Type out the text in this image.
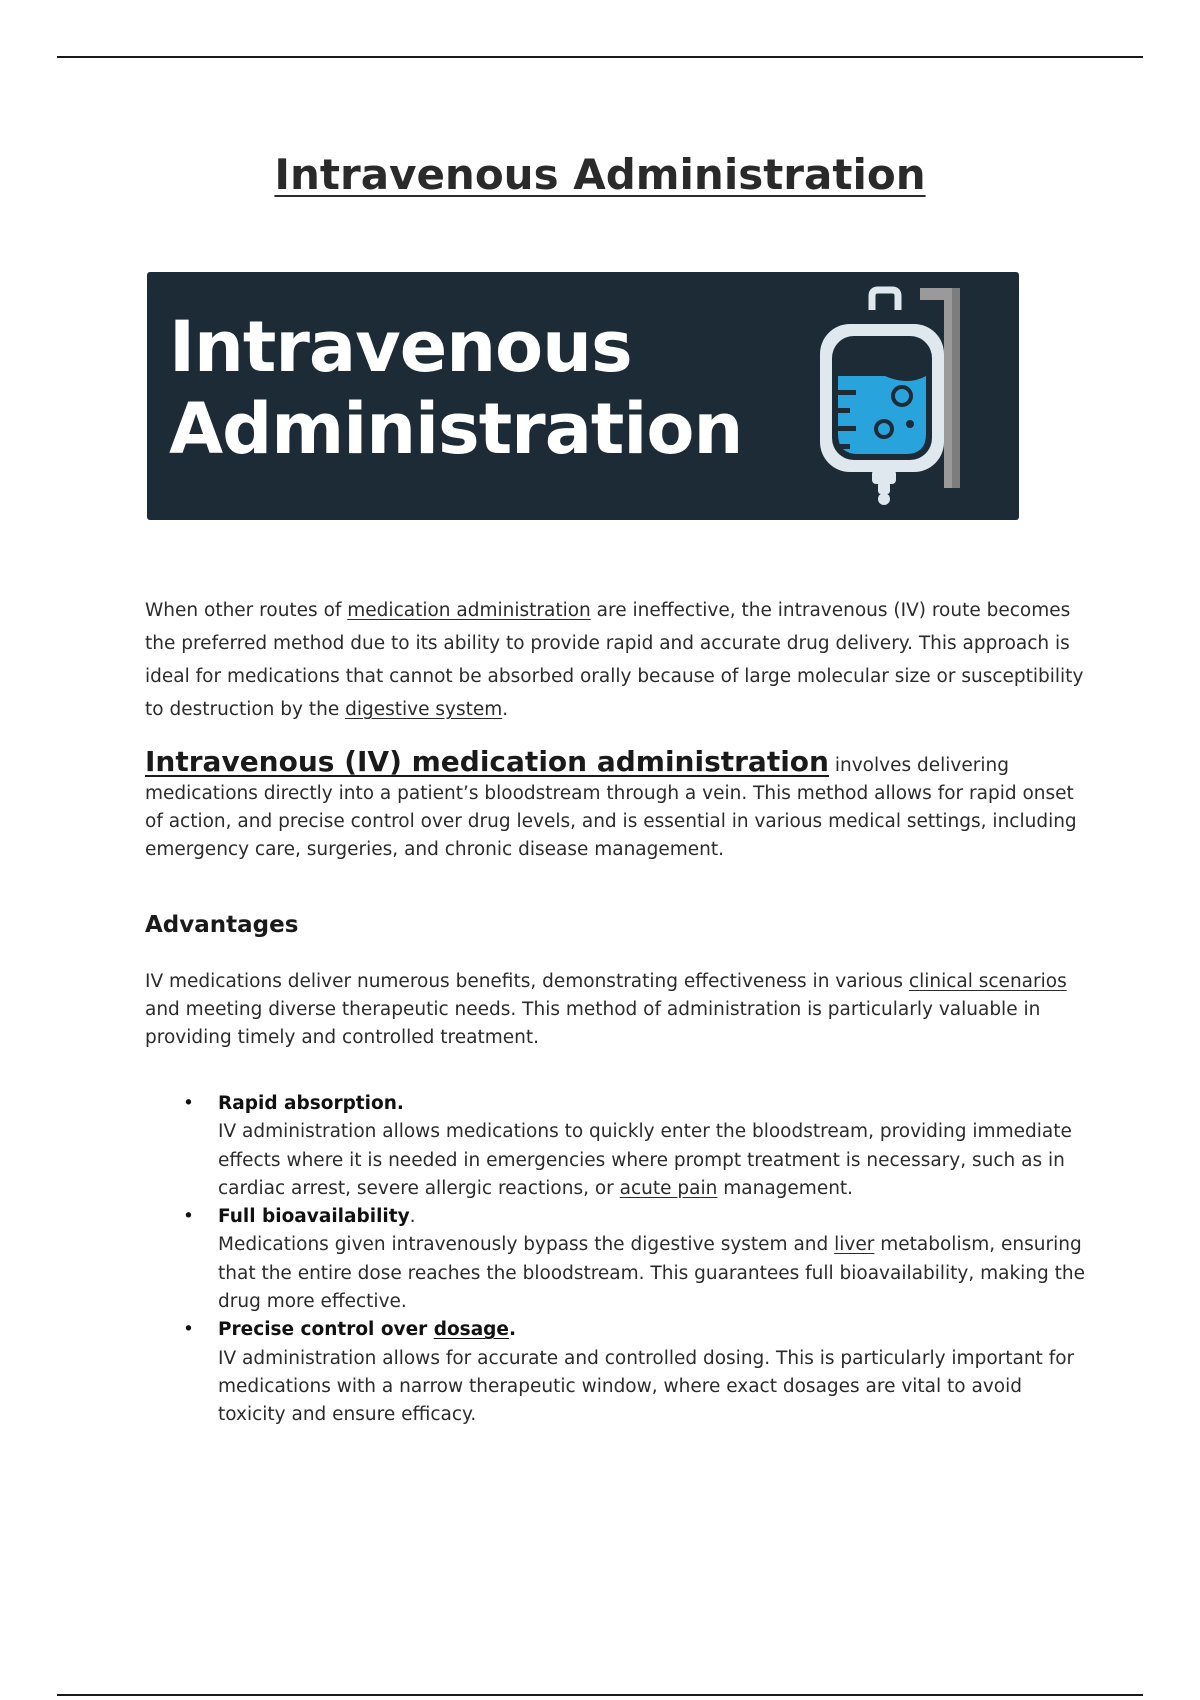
Intravenous Administration
Intravenous
Administration
When other routes of medication administration are ineffective, the intravenous (IV) route becomes the preferred method due to its ability to provide rapid and accurate drug delivery. This approach is ideal for medications that cannot be absorbed orally because of large molecular size or susceptibility to destruction by the digestive system.
Intravenous (IV) medication administration involves delivering medications directly into a patient’s bloodstream through a vein. This method allows for rapid onset of action, and precise control over drug levels, and is essential in various medical settings, including emergency care, surgeries, and chronic disease management.
Advantages
IV medications deliver numerous benefits, demonstrating effectiveness in various clinical scenarios and meeting diverse therapeutic needs. This method of administration is particularly valuable in providing timely and controlled treatment.
• Rapid absorption.
IV administration allows medications to quickly enter the bloodstream, providing immediate effects where it is needed in emergencies where prompt treatment is necessary, such as in cardiac arrest, severe allergic reactions, or acute pain management.
• Full bioavailability.
Medications given intravenously bypass the digestive system and liver metabolism, ensuring that the entire dose reaches the bloodstream. This guarantees full bioavailability, making the drug more effective.
• Precise control over dosage.
IV administration allows for accurate and controlled dosing. This is particularly important for medications with a narrow therapeutic window, where exact dosages are vital to avoid toxicity and ensure efficacy.
